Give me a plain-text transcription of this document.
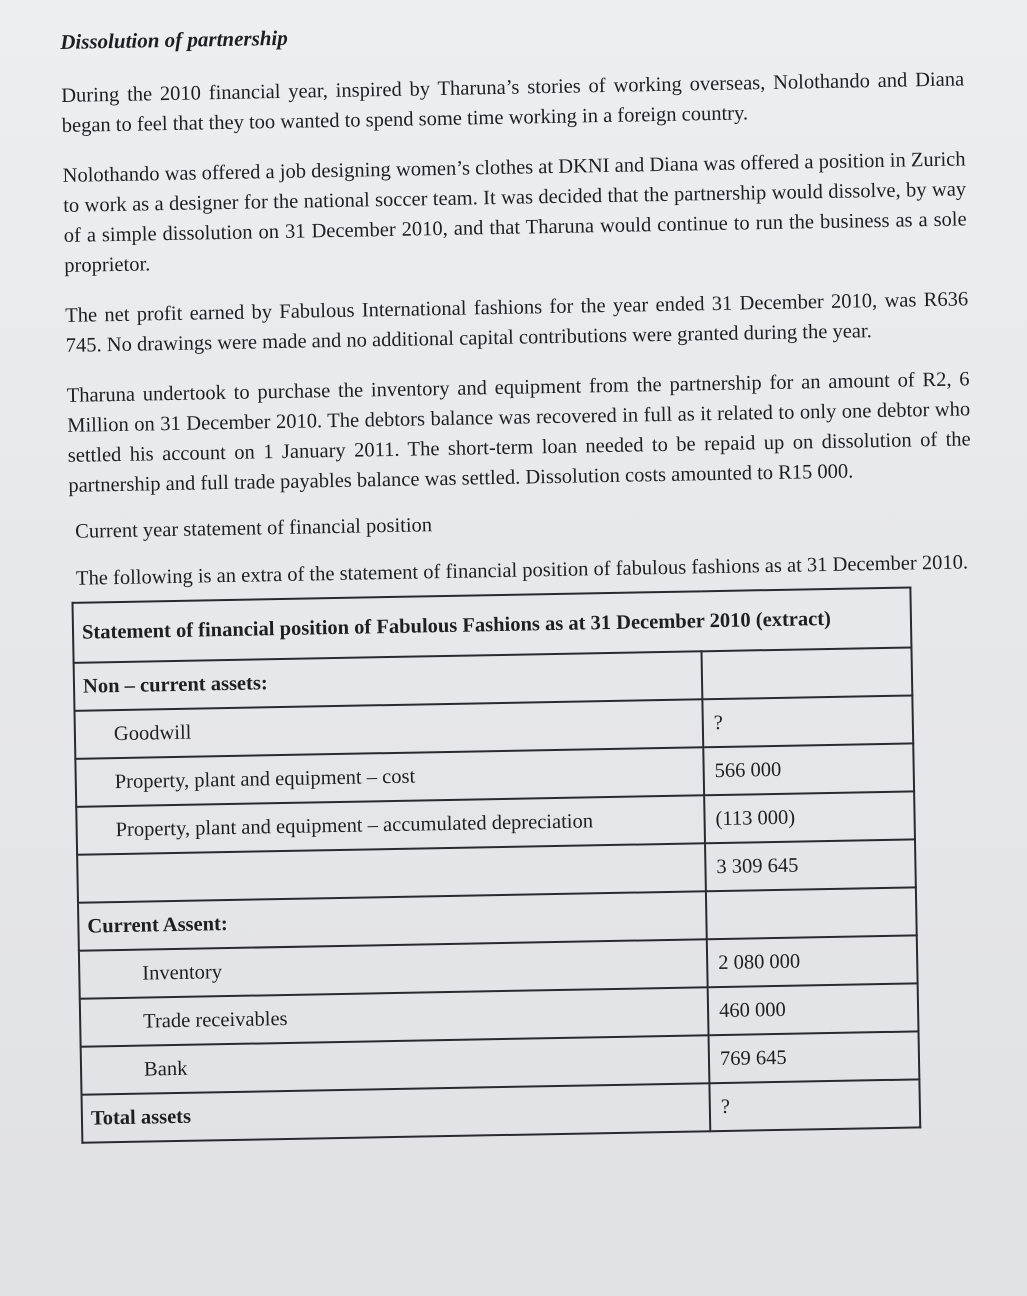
Dissolution of partnership

During the 2010 financial year, inspired by Tharuna’s stories of working overseas, Nolothando and Diana began to feel that they too wanted to spend some time working in a foreign country.

Nolothando was offered a job designing women’s clothes at DKNI and Diana was offered a position in Zurich to work as a designer for the national soccer team. It was decided that the partnership would dissolve, by way of a simple dissolution on 31 December 2010, and that Tharuna would continue to run the business as a sole proprietor.

The net profit earned by Fabulous International fashions for the year ended 31 December 2010, was R636 745. No drawings were made and no additional capital contributions were granted during the year.

Tharuna undertook to purchase the inventory and equipment from the partnership for an amount of R2, 6 Million on 31 December 2010. The debtors balance was recovered in full as it related to only one debtor who settled his account on 1 January 2011. The short-term loan needed to be repaid up on dissolution of the partnership and full trade payables balance was settled. Dissolution costs amounted to R15 000.

Current year statement of financial position
The following is an extra of the statement of financial position of fabulous fashions as at 31 December 2010.
Statement of financial position of Fabulous Fashions as at 31 December 2010 (extract)	
Non – current assets:	
Goodwill	?
Property, plant and equipment – cost	566 000
Property, plant and equipment – accumulated depreciation	(113 000)
	3 309 645
Current Assent:	
Inventory	2 080 000
Trade receivables	460 000
Bank	769 645
Total assets	?
